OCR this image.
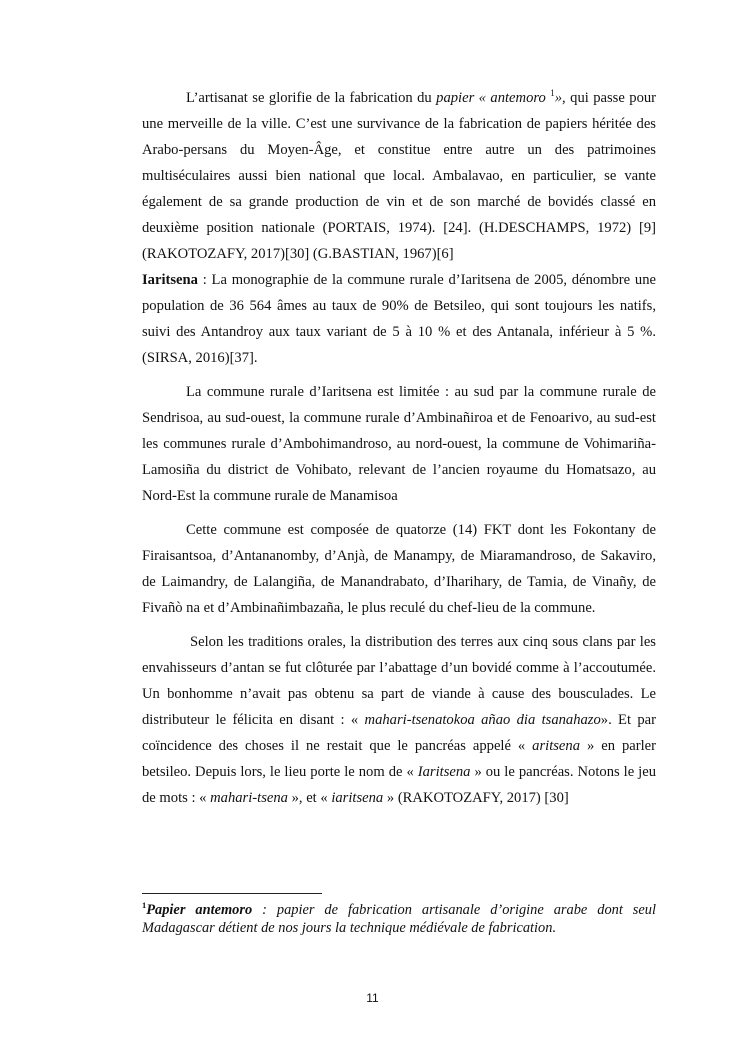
L’artisanat se glorifie de la fabrication du papier « antemoro $^1$», qui passe pour une merveille de la ville. C’est une survivance de la fabrication de papiers héritée des Arabo-persans du Moyen-Âge, et constitue entre autre un des patrimoines multiséculaires aussi bien national que local. Ambalavao, en particulier, se vante également de sa grande production de vin et de son marché de bovidés classé en deuxième position nationale (PORTAIS, 1974). [24]. (H.DESCHAMPS, 1972) [9] (RAKOTOZAFY, 2017)[30] (G.BASTIAN, 1967)[6]

Iaritsena : La monographie de la commune rurale d’Iaritsena de 2005, dénombre une population de 36 564 âmes au taux de 90% de Betsileo, qui sont toujours les natifs, suivi des Antandroy aux taux variant de 5 à 10 % et des Antanala, inférieur à 5 %. (SIRSA, 2016)[37].

La commune rurale d’Iaritsena est limitée : au sud par la commune rurale de Sendrisoa, au sud-ouest, la commune rurale d’Ambinañiroa et de Fenoarivo, au sud-est les communes rurale d’Ambohimandroso, au nord-ouest, la commune de Vohimariña-Lamosiña du district de Vohibato, relevant de l’ancien royaume du Homatsazo, au Nord-Est la commune rurale de Manamisoa

Cette commune est composée de quatorze (14) FKT dont les Fokontany de Firaisantsoa, d’Antananomby, d’Anjà, de Manampy, de Miaramandroso, de Sakaviro, de Laimandry, de Lalangiña, de Manandrabato, d’Iharihary, de Tamia, de Vinañy, de Fivañò na et d’Ambinañimbazaña, le plus reculé du chef-lieu de la commune.

Selon les traditions orales, la distribution des terres aux cinq sous clans par les envahisseurs d’antan se fut clôturée par l’abattage d’un bovidé comme à l’accoutumée. Un bonhomme n’avait pas obtenu sa part de viande à cause des bousculades. Le distributeur le félicita en disant : « mahari-tsenatokoa añao dia tsanahazo». Et par coïncidence des choses il ne restait que le pancréas appelé « aritsena » en parler betsileo. Depuis lors, le lieu porte le nom de « Iaritsena » ou le pancréas. Notons le jeu de mots : « mahari-tsena », et « iaritsena » (RAKOTOZAFY, 2017) [30]

$^1$Papier antemoro : papier de fabrication artisanale d’origine arabe dont seul Madagascar détient de nos jours la technique médiévale de fabrication.
11
